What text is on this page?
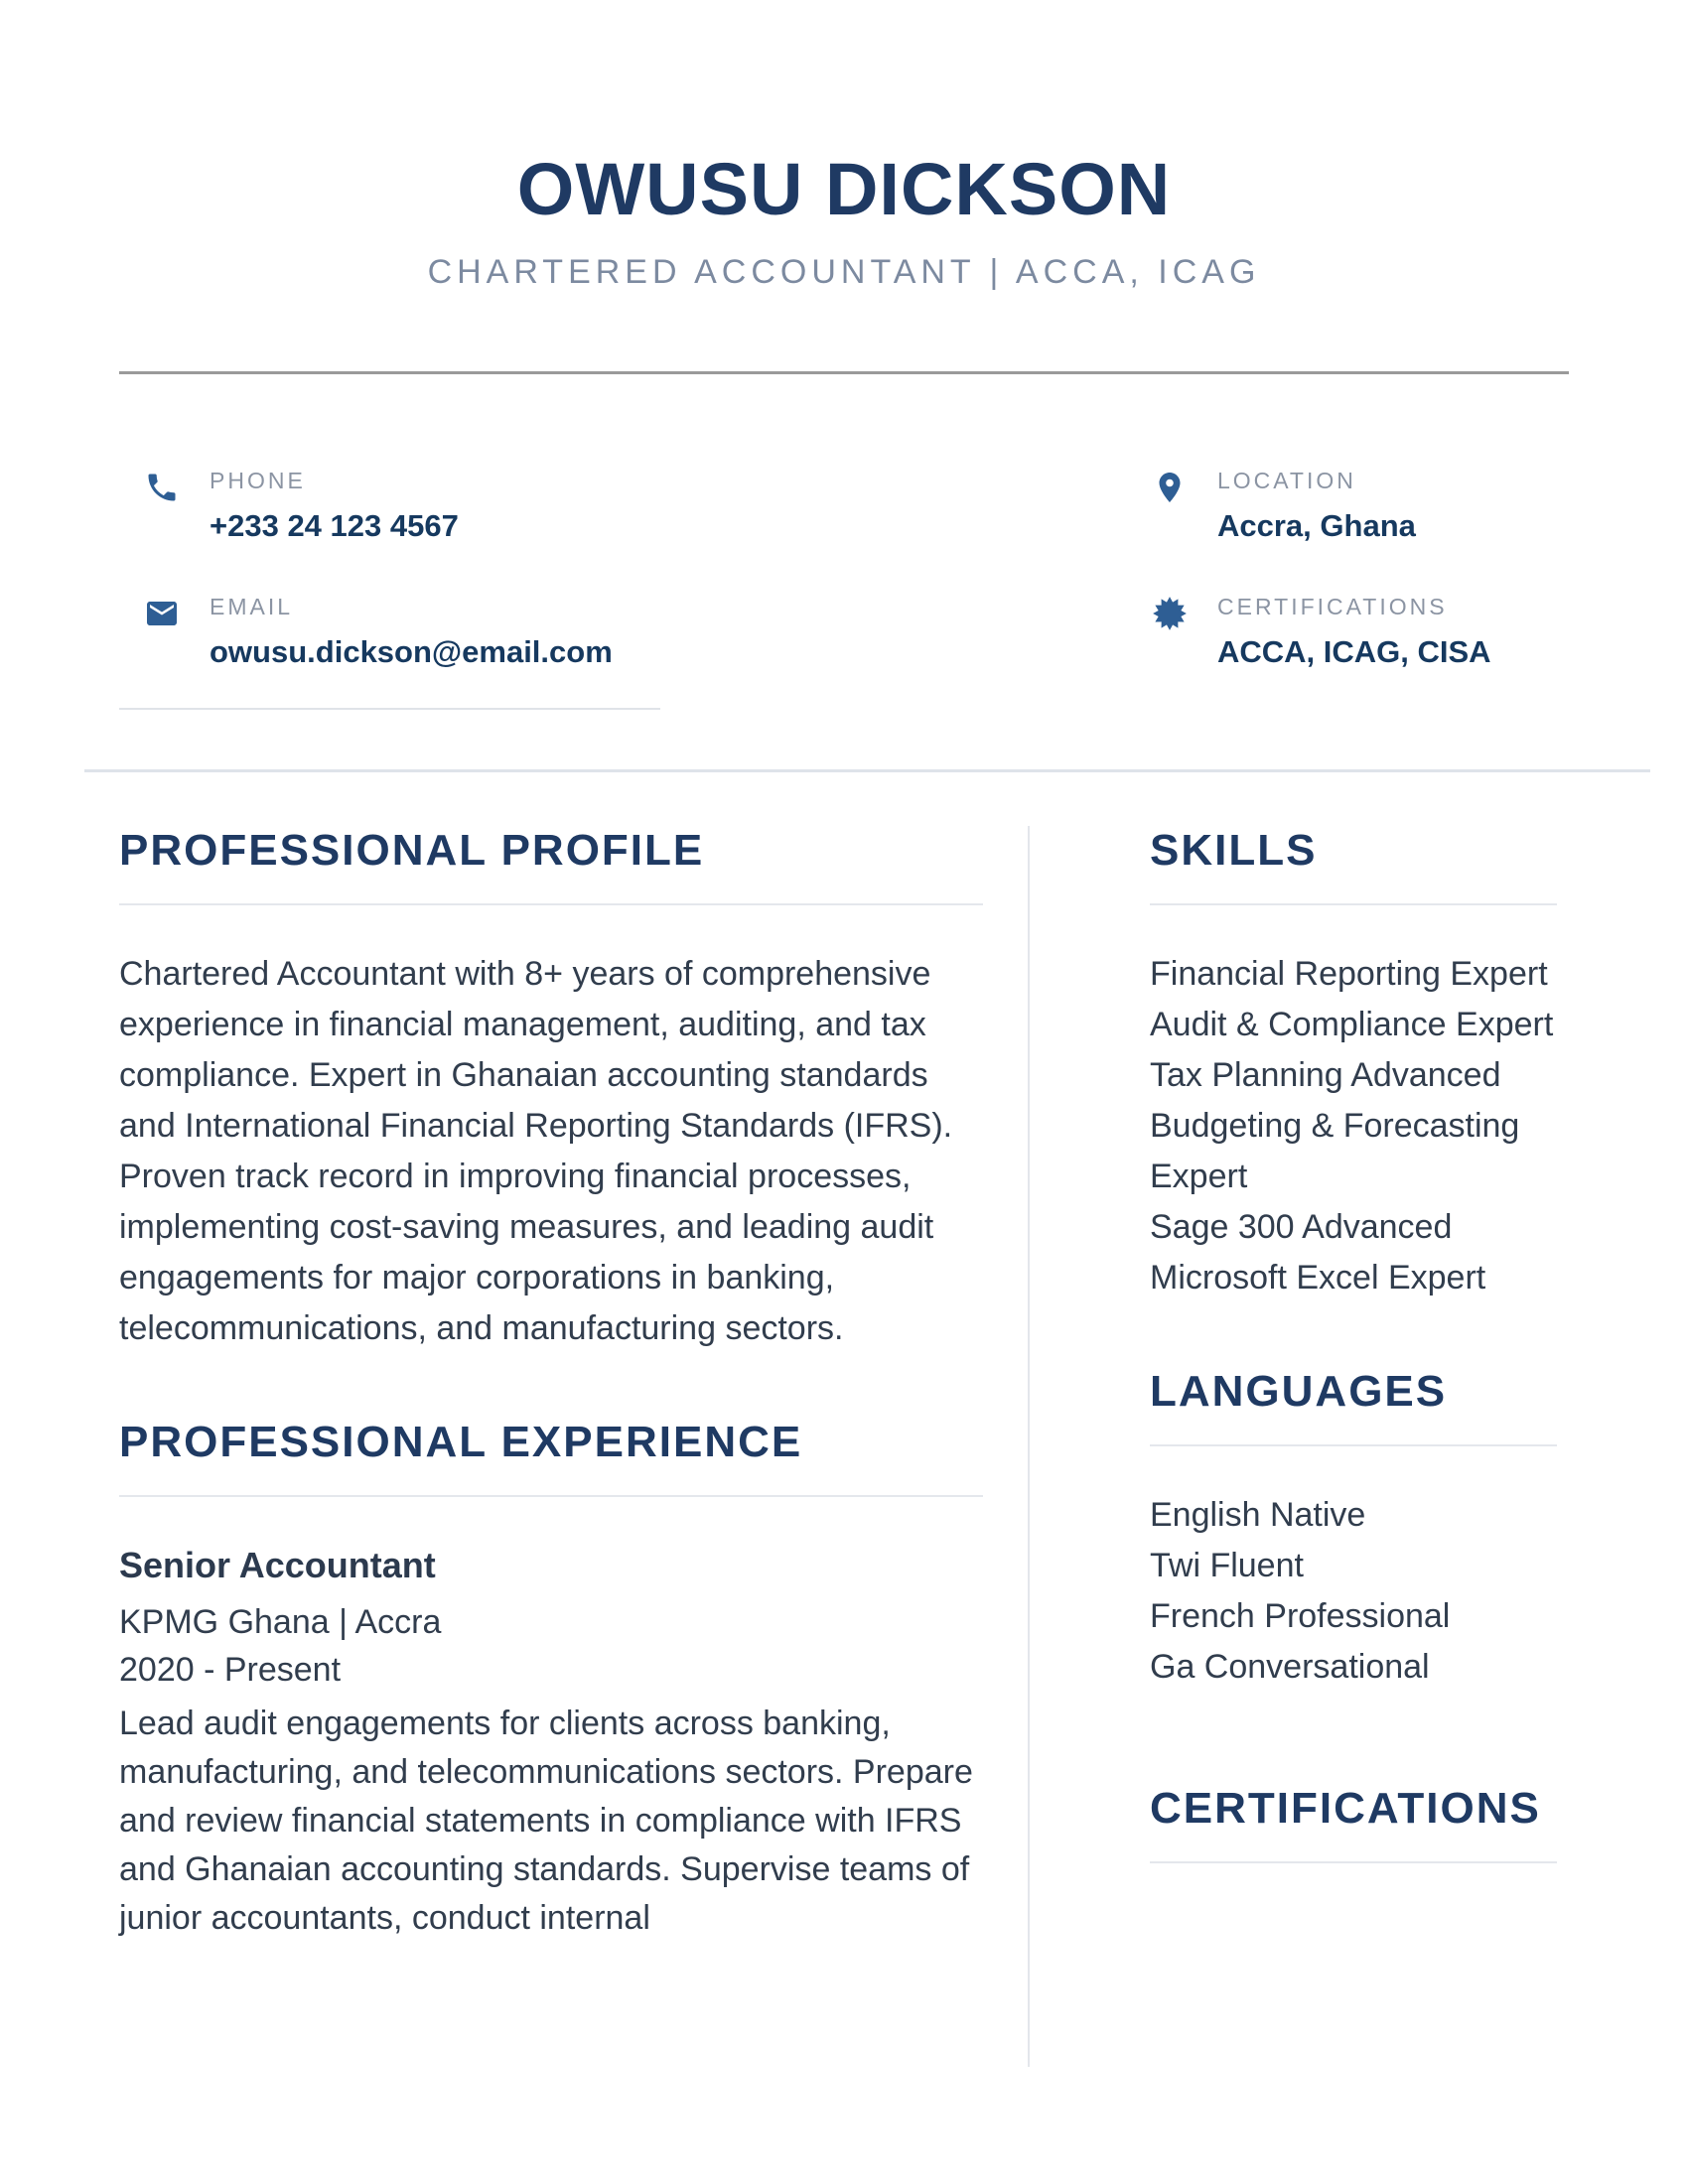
OWUSU DICKSON
CHARTERED ACCOUNTANT | ACCA, ICAG
PHONE
+233 24 123 4567
LOCATION
Accra, Ghana
EMAIL
owusu.dickson@email.com
CERTIFICATIONS
ACCA, ICAG, CISA
PROFESSIONAL PROFILE
Chartered Accountant with 8+ years of comprehensive experience in financial management, auditing, and tax compliance. Expert in Ghanaian accounting standards and International Financial Reporting Standards (IFRS). Proven track record in improving financial processes, implementing cost-saving measures, and leading audit engagements for major corporations in banking, telecommunications, and manufacturing sectors.
PROFESSIONAL EXPERIENCE
Senior Accountant
KPMG Ghana | Accra
2020 - Present
Lead audit engagements for clients across banking, manufacturing, and telecommunications sectors. Prepare and review financial statements in compliance with IFRS and Ghanaian accounting standards. Supervise teams of junior accountants, conduct internal
SKILLS
Financial Reporting Expert
Audit & Compliance Expert
Tax Planning Advanced
Budgeting & Forecasting Expert
Sage 300 Advanced
Microsoft Excel Expert
LANGUAGES
English Native
Twi Fluent
French Professional
Ga Conversational
CERTIFICATIONS
